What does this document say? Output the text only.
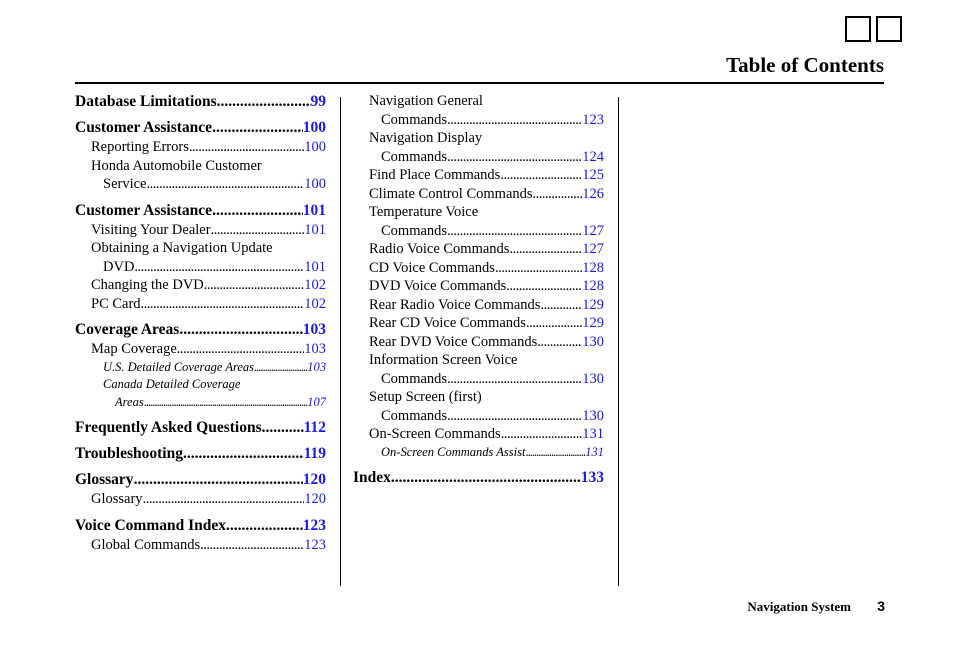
Table of Contents
Database Limitations .....	99
Customer Assistance .....	100
Reporting Errors .....	100
Honda Automobile Customer
Service .....	100
Customer Assistance .....	101
Visiting Your Dealer .....	101
Obtaining a Navigation Update
DVD .....	101
Changing the DVD .....	102
PC Card .....	102
Coverage Areas .....	103
Map Coverage .....	103
U.S. Detailed Coverage Areas .....	103
Canada Detailed Coverage
Areas .....	107
Frequently Asked Questions .....	112
Troubleshooting .....	119
Glossary .....	120
Glossary .....	120
Voice Command Index .....	123
Global Commands .....	123
Navigation General
Commands .....	123
Navigation Display
Commands .....	124
Find Place Commands .....	125
Climate Control Commands .....	126
Temperature Voice
Commands .....	127
Radio Voice Commands .....	127
CD Voice Commands .....	128
DVD Voice Commands .....	128
Rear Radio Voice Commands .....	129
Rear CD Voice Commands .....	129
Rear DVD Voice Commands .....	130
Information Screen Voice
Commands .....	130
Setup Screen (first)
Commands .....	130
On-Screen Commands .....	131
On-Screen Commands Assist .....	131
Index .....	133
Navigation System 3
